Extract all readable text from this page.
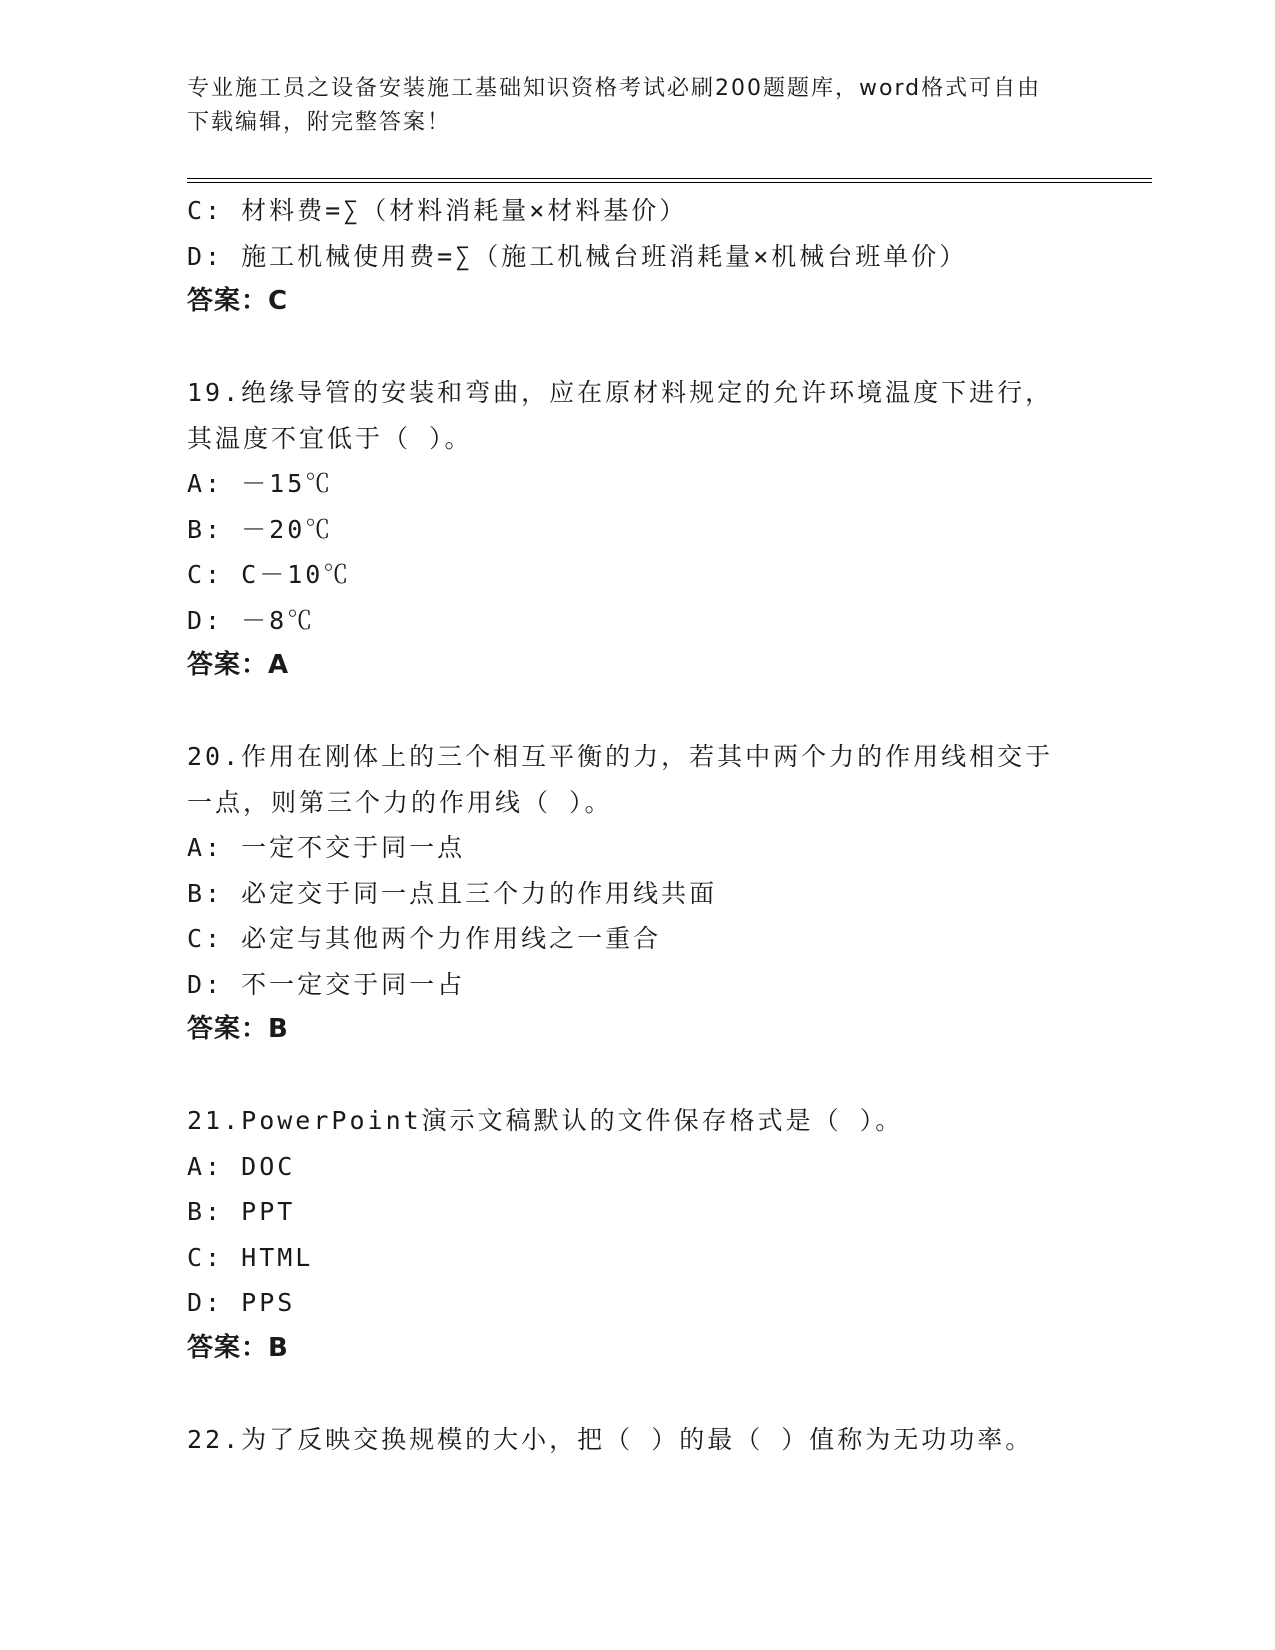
专业施工员之设备安装施工基础知识资格考试必刷200题题库，word格式可自由
下载编辑，附完整答案！
C: 材料费=∑（材料消耗量×材料基价）
D: 施工机械使用费=∑（施工机械台班消耗量×机械台班单价）
答案：C
19.绝缘导管的安装和弯曲，应在原材料规定的允许环境温度下进行，
其温度不宜低于（ ）。
A: －15℃
B: －20℃
C: C－10℃
D: －8℃
答案：A
20.作用在刚体上的三个相互平衡的力，若其中两个力的作用线相交于
一点，则第三个力的作用线（ ）。
A: 一定不交于同一点
B: 必定交于同一点且三个力的作用线共面
C: 必定与其他两个力作用线之一重合
D: 不一定交于同一占
答案：B
21.PowerPoint演示文稿默认的文件保存格式是（ ）。
A: DOC
B: PPT
C: HTML
D: PPS
答案：B
22.为了反映交换规模的大小，把（ ）的最（ ）值称为无功功率。
